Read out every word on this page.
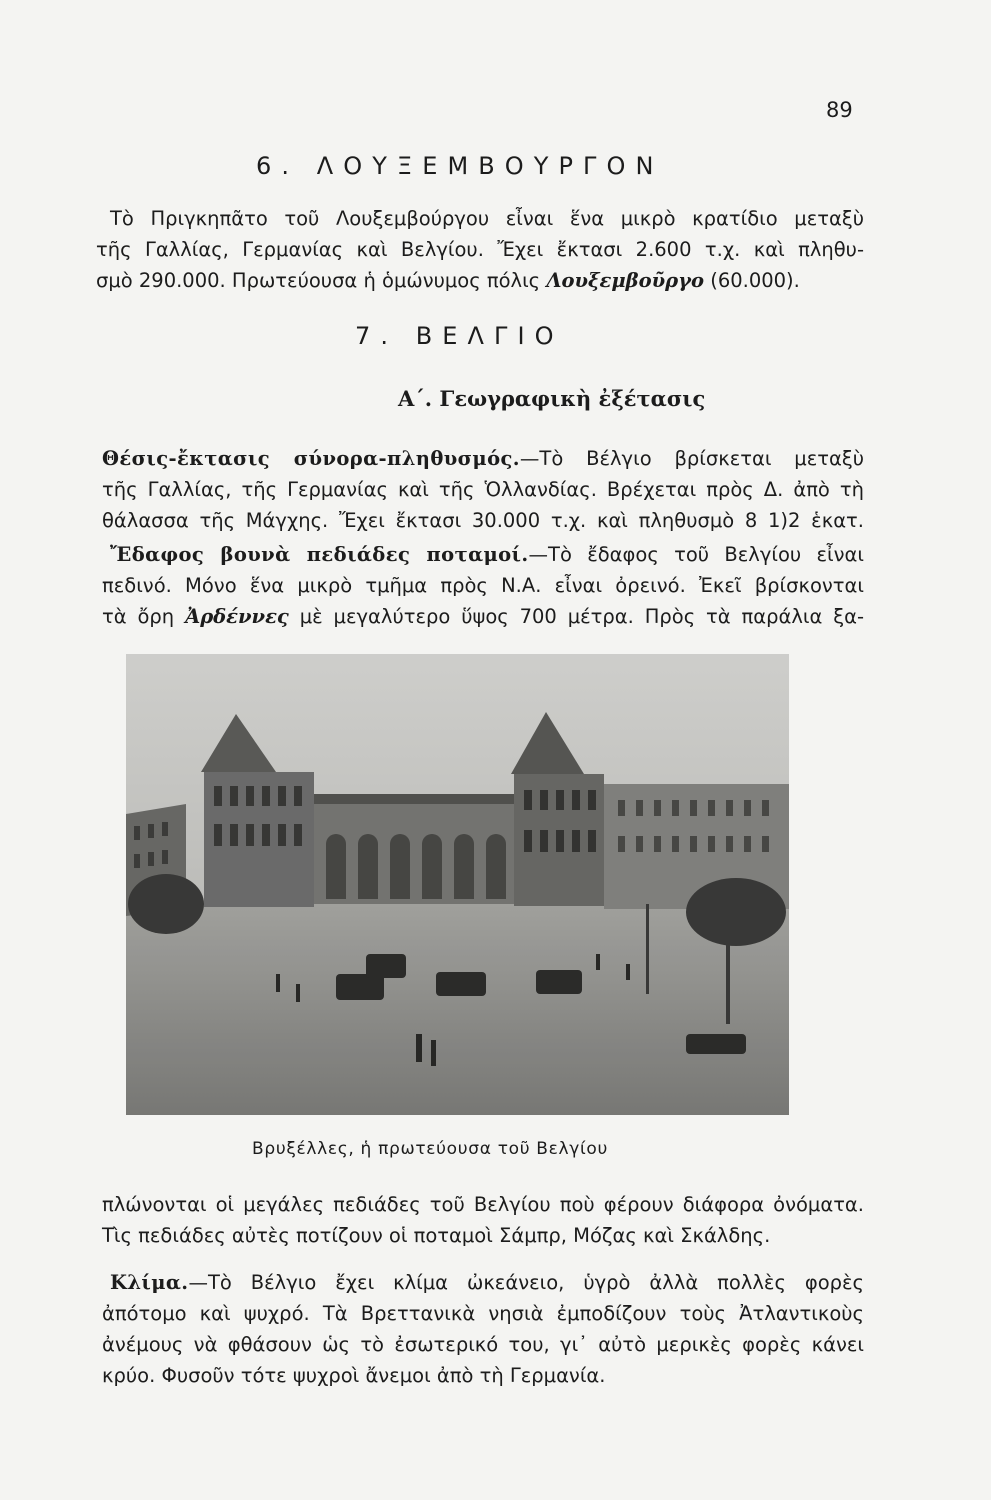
89
6. ΛΟΥΞΕΜΒΟΥΡΓΟΝ
Τὸ Πριγκηπᾶτο τοῦ Λουξεμβούργου εἶναι ἕνα μικρὸ κρατίδιο μεταξὺ
τῆς Γαλλίας, Γερμανίας καὶ Βελγίου. Ἔχει ἔκτασι 2.600 τ.χ. καὶ πληθυ-
σμὸ 290.000. Πρωτεύουσα ἡ ὁμώνυμος πόλις Λουξεμβοῦργο (60.000).
7. ΒΕΛΓΙΟ
Α΄. Γεωγραφικὴ ἐξέτασις
Θέσις-ἔκτασις σύνορα-πληθυσμός.—Τὸ Βέλγιο βρίσκεται μεταξὺ
τῆς Γαλλίας, τῆς Γερμανίας καὶ τῆς Ὁλλανδίας. Βρέχεται πρὸς Δ. ἀπὸ τὴ
θάλασσα τῆς Μάγχης. Ἔχει ἔκτασι 30.000 τ.χ. καὶ πληθυσμὸ 8 1)2 ἑκατ.
Ἔδαφος βουνὰ πεδιάδες ποταμοί.—Τὸ ἔδαφος τοῦ Βελγίου εἶναι
πεδινό. Μόνο ἕνα μικρὸ τμῆμα πρὸς Ν.Α. εἶναι ὀρεινό. Ἐκεῖ βρίσκονται
τὰ ὄρη Ἀρδέννες μὲ μεγαλύτερο ὕψος 700 μέτρα. Πρὸς τὰ παράλια ξα-
Βρυξέλλες, ἡ πρωτεύουσα τοῦ Βελγίου
πλώνονται οἱ μεγάλες πεδιάδες τοῦ Βελγίου ποὺ φέρουν διάφορα ὀνόματα.
Τὶς πεδιάδες αὐτὲς ποτίζουν οἱ ποταμοὶ Σάμπρ, Μόζας καὶ Σκάλδης.
Κλίμα.—Τὸ Βέλγιο ἔχει κλίμα ὠκεάνειο, ὑγρὸ ἀλλὰ πολλὲς φορὲς
ἀπότομο καὶ ψυχρό. Τὰ Βρεττανικὰ νησιὰ ἐμποδίζουν τοὺς Ἀτλαντικοὺς
ἀνέμους νὰ φθάσουν ὡς τὸ ἐσωτερικό του, γι᾽ αὐτὸ μερικὲς φορὲς κάνει
κρύο. Φυσοῦν τότε ψυχροὶ ἄνεμοι ἀπὸ τὴ Γερμανία.
